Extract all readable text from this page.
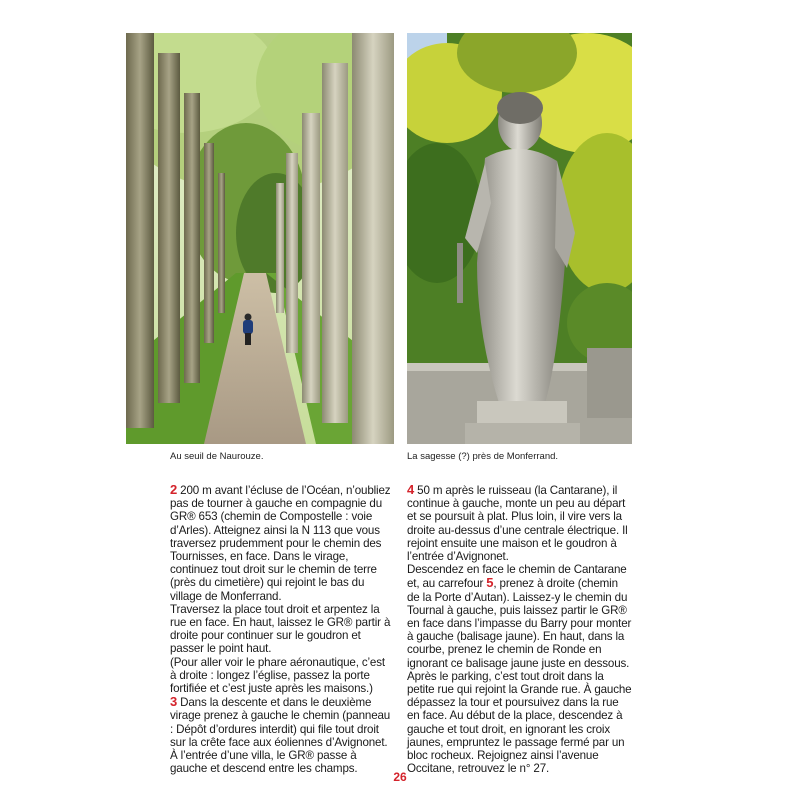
Au seuil de Naurouze.	La sagesse (?) près de Monferrand.

2 200 m avant l’écluse de l’Océan, n’oubliez pas de tourner à gauche en compagnie du GR® 653 (chemin de Compostelle : voie d’Arles). Atteignez ainsi la N 113 que vous traversez prudemment pour le chemin des Tournisses, en face. Dans le virage, continuez tout droit sur le chemin de terre (près du cimetière) qui rejoint le bas du village de Monferrand.

Traversez la place tout droit et arpentez la rue en face. En haut, laissez le GR® partir à droite pour continuer sur le goudron et passer le point haut.

(Pour aller voir le phare aéronautique, c’est à droite : longez l’église, passez la porte fortifiée et c’est juste après les maisons.)

3 Dans la descente et dans le deuxième virage prenez à gauche le chemin (panneau : Dépôt d’ordures interdit) qui file tout droit sur la crête face aux éoliennes d’Avignonet. À l’entrée d’une villa, le GR® passe à gauche et descend entre les champs.

4 50 m après le ruisseau (la Cantarane), il continue à gauche, monte un peu au départ et se poursuit à plat. Plus loin, il vire vers la droite au-dessus d’une centrale électrique. Il rejoint ensuite une maison et le goudron à l’entrée d’Avignonet.

Descendez en face le chemin de Cantarane et, au carrefour 5, prenez à droite (chemin de la Porte d’Autan). Laissez-y le chemin du Tournal à gauche, puis laissez partir le GR® en face dans l’impasse du Barry pour monter à gauche (balisage jaune). En haut, dans la courbe, prenez le chemin de Ronde en ignorant ce balisage jaune juste en dessous. Après le parking, c’est tout droit dans la petite rue qui rejoint la Grande rue. À gauche dépassez la tour et poursuivez dans la rue en face. Au début de la place, descendez à gauche et tout droit, en ignorant les croix jaunes, empruntez le passage fermé par un bloc rocheux. Rejoignez ainsi l’avenue Occitane, retrouvez le n° 27.

26
